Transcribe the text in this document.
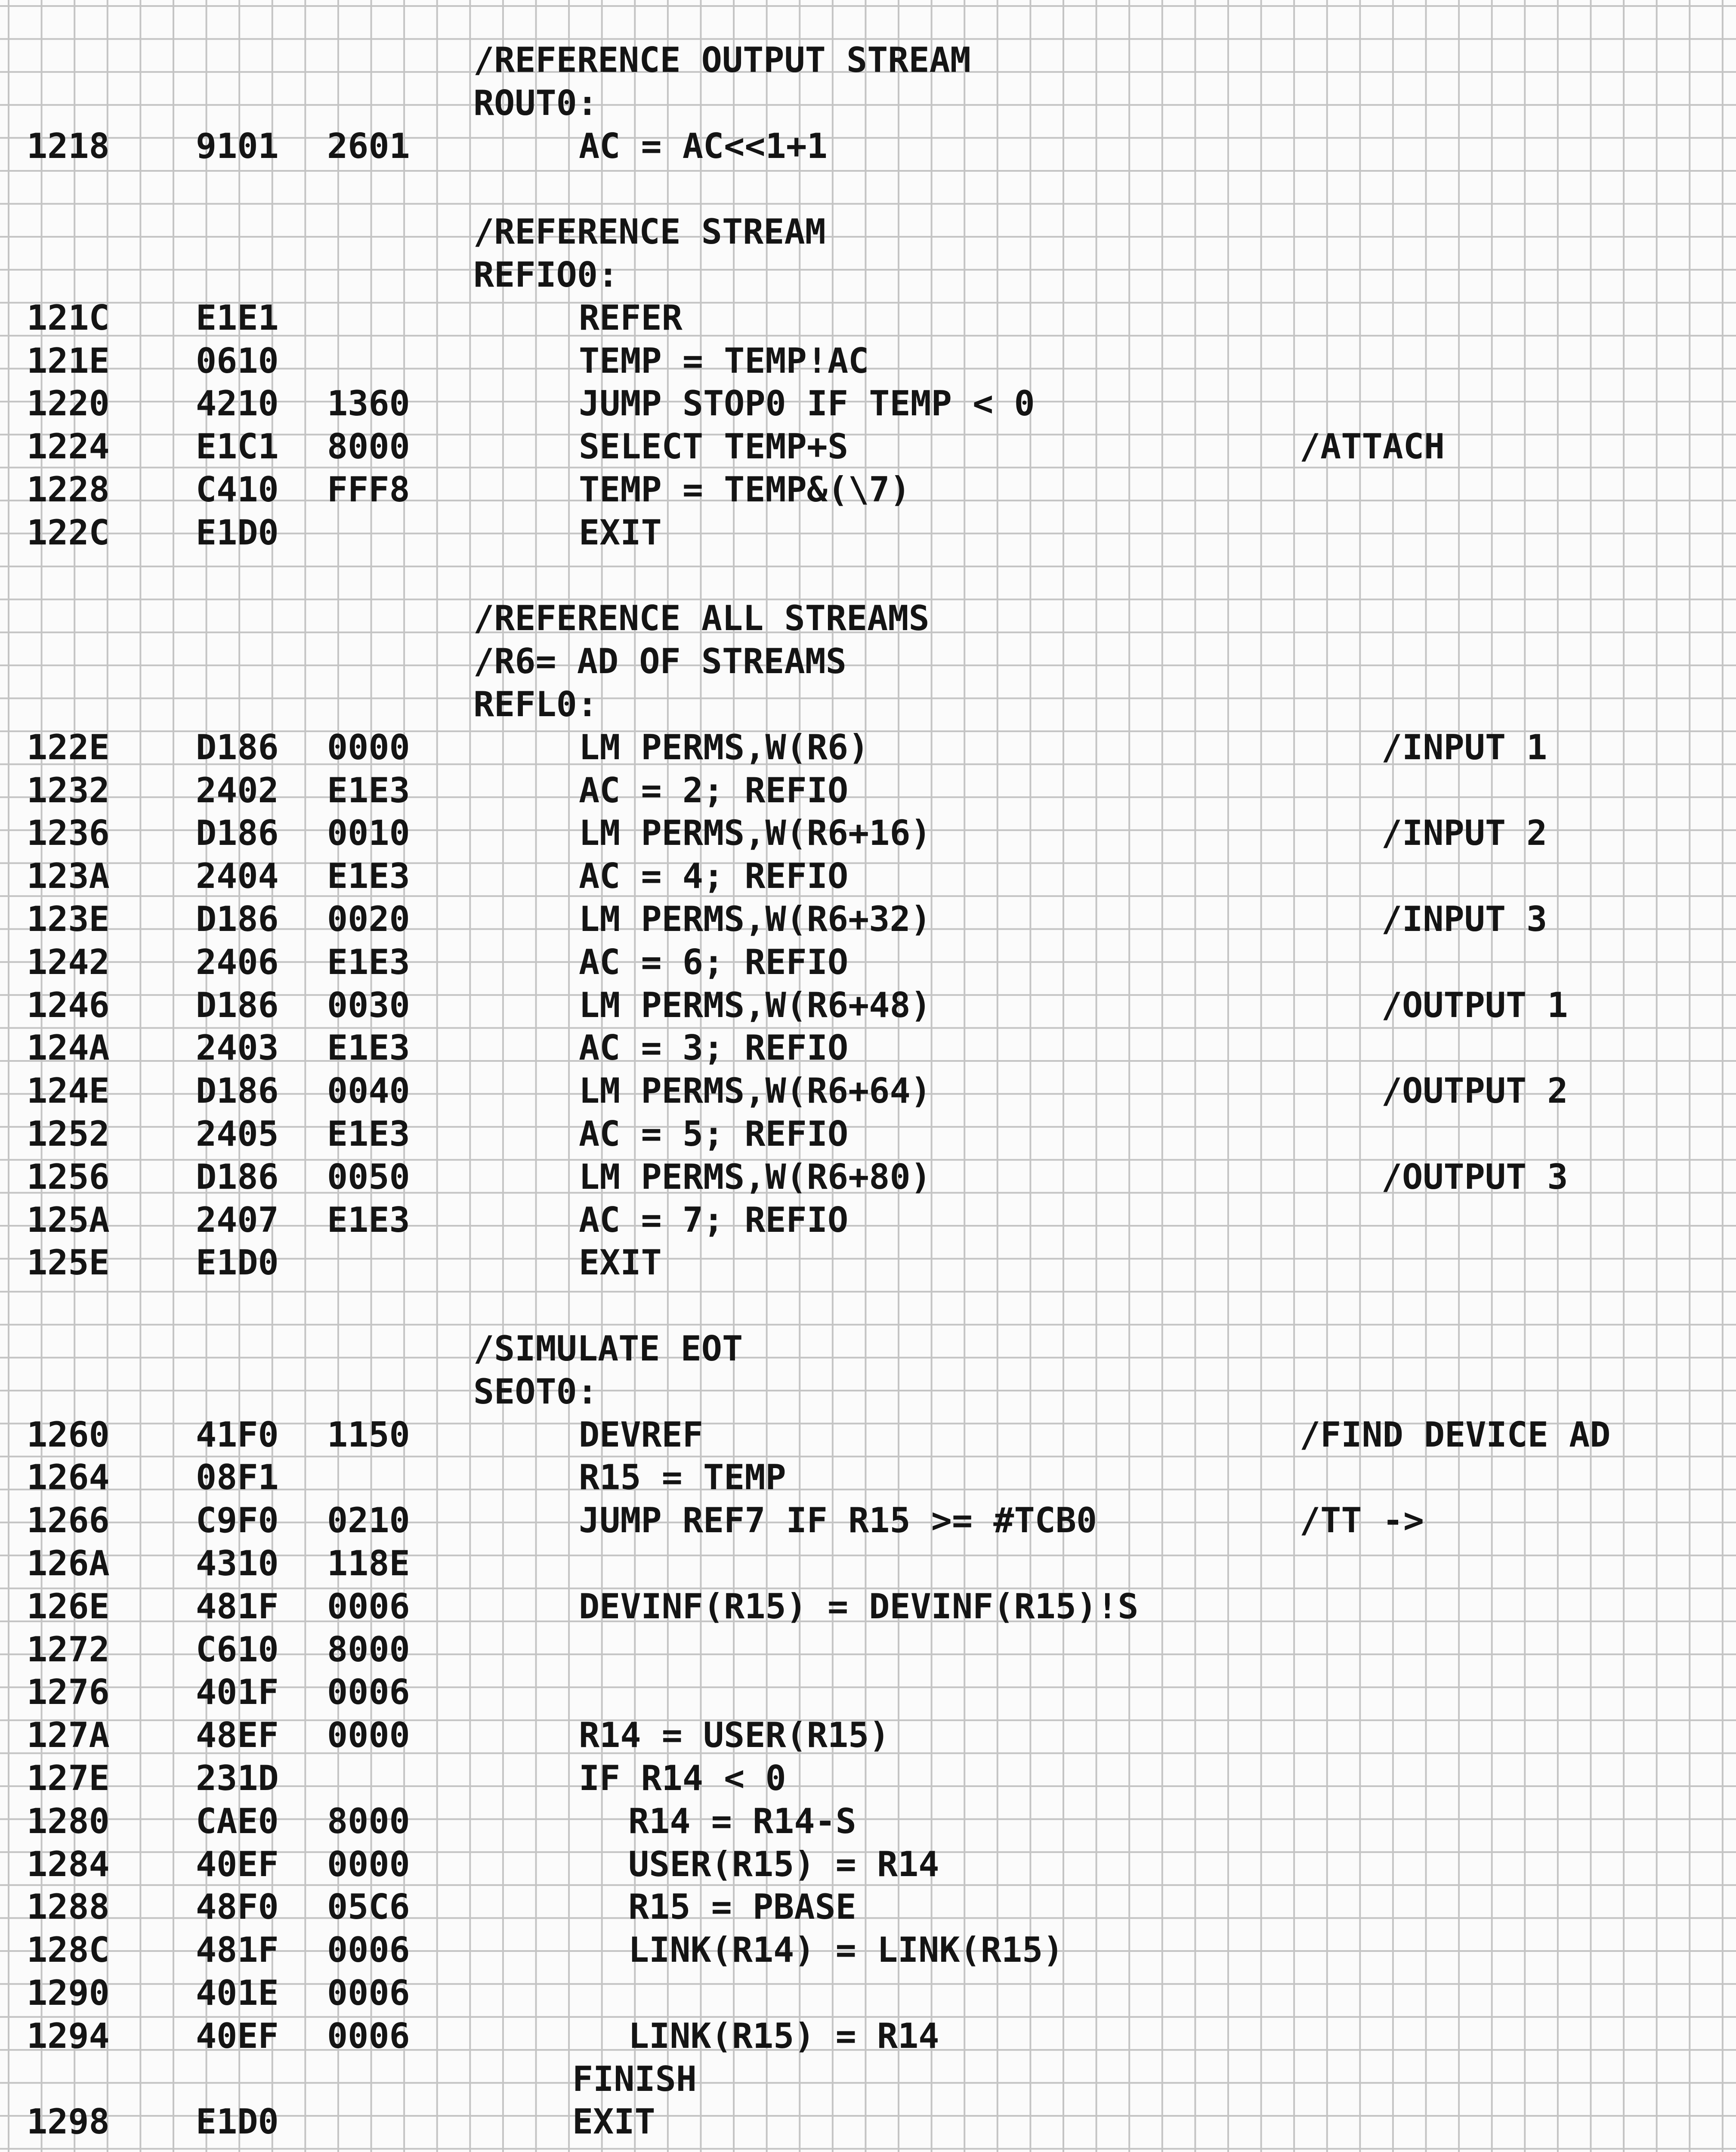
/REFERENCE OUTPUT STREAM
ROUT0:
1218	9101 2601	AC = AC<<1+1
/REFERENCE STREAM
REFIO0:
121C	E1E1	REFER
121E	0610	TEMP = TEMP!AC
1220	4210 1360	JUMP STOP0 IF TEMP < 0
1224	E1C1 8000	SELECT TEMP+S	/ATTACH
1228	C410 FFF8	TEMP = TEMP&(\7)
122C	E1D0	EXIT
/REFERENCE ALL STREAMS
/R6= AD OF STREAMS
REFL0:
122E	D186 0000	LM PERMS,W(R6)	/INPUT 1
1232	2402 E1E3	AC = 2; REFIO
1236	D186 0010	LM PERMS,W(R6+16)	/INPUT 2
123A	2404 E1E3	AC = 4; REFIO
123E	D186 0020	LM PERMS,W(R6+32)	/INPUT 3
1242	2406 E1E3	AC = 6; REFIO
1246	D186 0030	LM PERMS,W(R6+48)	/OUTPUT 1
124A	2403 E1E3	AC = 3; REFIO
124E	D186 0040	LM PERMS,W(R6+64)	/OUTPUT 2
1252	2405 E1E3	AC = 5; REFIO
1256	D186 0050	LM PERMS,W(R6+80)	/OUTPUT 3
125A	2407 E1E3	AC = 7; REFIO
125E	E1D0	EXIT
/SIMULATE EOT
SEOT0:
1260	41F0 1150	DEVREF	/FIND DEVICE AD
1264	08F1	R15 = TEMP
1266	C9F0 0210	JUMP REF7 IF R15 >= #TCB0	/TT ->
126A	4310 118E
126E	481F 0006	DEVINF(R15) = DEVINF(R15)!S
1272	C610 8000
1276	401F 0006
127A	48EF 0000	R14 = USER(R15)
127E	231D	IF R14 < 0
1280	CAE0 8000	R14 = R14-S
1284	40EF 0000	USER(R15) = R14
1288	48F0 05C6	R15 = PBASE
128C	481F 0006	LINK(R14) = LINK(R15)
1290	401E 0006
1294	40EF 0006	LINK(R15) = R14
FINISH
1298	E1D0	EXIT
